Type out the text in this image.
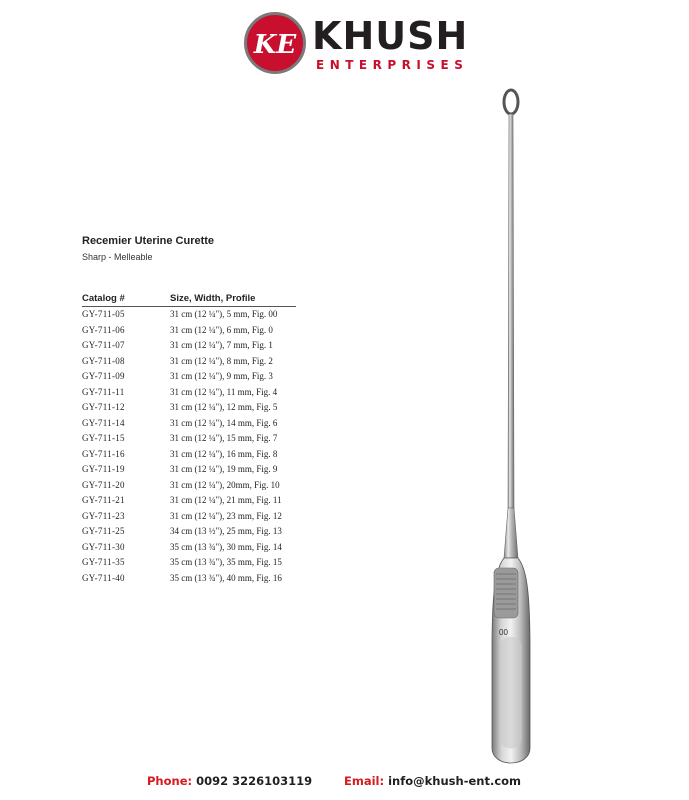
KE KHUSH
ENTERPRISES
Recemier Uterine Curette
Sharp - Melleable
Catalog #	Size, Width, Profile
GY-711-05	31 cm (12 ¼"), 5 mm, Fig. 00
GY-711-06	31 cm (12 ¼"), 6 mm, Fig. 0
GY-711-07	31 cm (12 ¼"), 7 mm, Fig. 1
GY-711-08	31 cm (12 ¼"), 8 mm, Fig. 2
GY-711-09	31 cm (12 ¼"), 9 mm, Fig. 3
GY-711-11	31 cm (12 ¼"), 11 mm, Fig. 4
GY-711-12	31 cm (12 ¼"), 12 mm, Fig. 5
GY-711-14	31 cm (12 ¼"), 14 mm, Fig. 6
GY-711-15	31 cm (12 ¼"), 15 mm, Fig. 7
GY-711-16	31 cm (12 ¼"), 16 mm, Fig. 8
GY-711-19	31 cm (12 ¼"), 19 mm, Fig. 9
GY-711-20	31 cm (12 ¼"), 20mm, Fig. 10
GY-711-21	31 cm (12 ¼"), 21 mm, Fig. 11
GY-711-23	31 cm (12 ¼"), 23 mm, Fig. 12
GY-711-25	34 cm (13 ½"), 25 mm, Fig. 13
GY-711-30	35 cm (13 ¾"), 30 mm, Fig. 14
GY-711-35	35 cm (13 ¾"), 35 mm, Fig. 15
GY-711-40	35 cm (13 ¾"), 40 mm, Fig. 16
00
Phone: 0092 3226103119	Email: info@khush-ent.com
